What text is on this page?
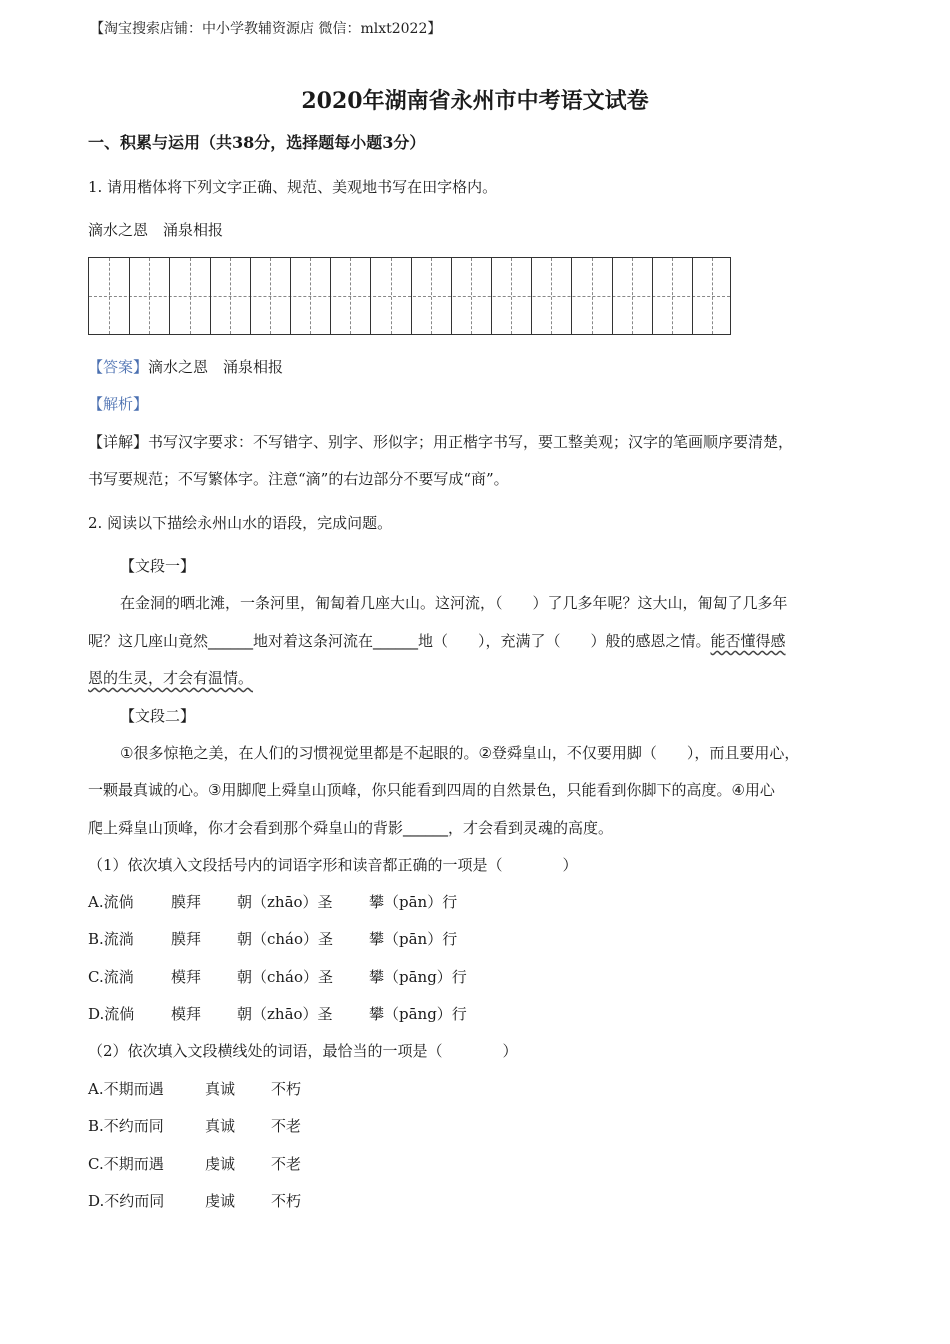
【淘宝搜索店铺：中小学教辅资源店 微信：mlxt2022】
2020年湖南省永州市中考语文试卷
一、积累与运用（共38分，选择题每小题3分）
1. 请用楷体将下列文字正确、规范、美观地书写在田字格内。
滴水之恩　涌泉相报
【答案】滴水之恩　涌泉相报
【解析】
【详解】书写汉字要求：不写错字、别字、形似字；用正楷字书写，要工整美观；汉字的笔画顺序要清楚，
书写要规范；不写繁体字。注意“滴”的右边部分不要写成“商”。
2. 阅读以下描绘永州山水的语段，完成问题。
【文段一】
在金洞的晒北滩，一条河里，匍匐着几座大山。这河流，（　　）了几多年呢？这大山，匍匐了几多年
呢？这几座山竟然______地对着这条河流在______地（　　），充满了（　　）般的感恩之情。能否懂得感
恩的生灵，才会有温情。
【文段二】
①很多惊艳之美，在人们的习惯视觉里都是不起眼的。②登舜皇山，不仅要用脚（　　），而且要用心，
一颗最真诚的心。③用脚爬上舜皇山顶峰，你只能看到四周的自然景色，只能看到你脚下的高度。④用心
爬上舜皇山顶峰，你才会看到那个舜皇山的背影______，才会看到灵魂的高度。
（1）依次填入文段括号内的词语字形和读音都正确的一项是（　　　　）
A.流倘 膜拜 朝（zhāo）圣 攀（pān）行
B.流淌 膜拜 朝（cháo）圣 攀（pān）行
C.流淌 模拜 朝（cháo）圣 攀（pāng）行
D.流倘 模拜 朝（zhāo）圣 攀（pāng）行
（2）依次填入文段横线处的词语，最恰当的一项是（　　　　）
A.不期而遇	真诚 不朽
B.不约而同	真诚 不老
C.不期而遇	虔诚 不老
D.不约而同	虔诚 不朽
